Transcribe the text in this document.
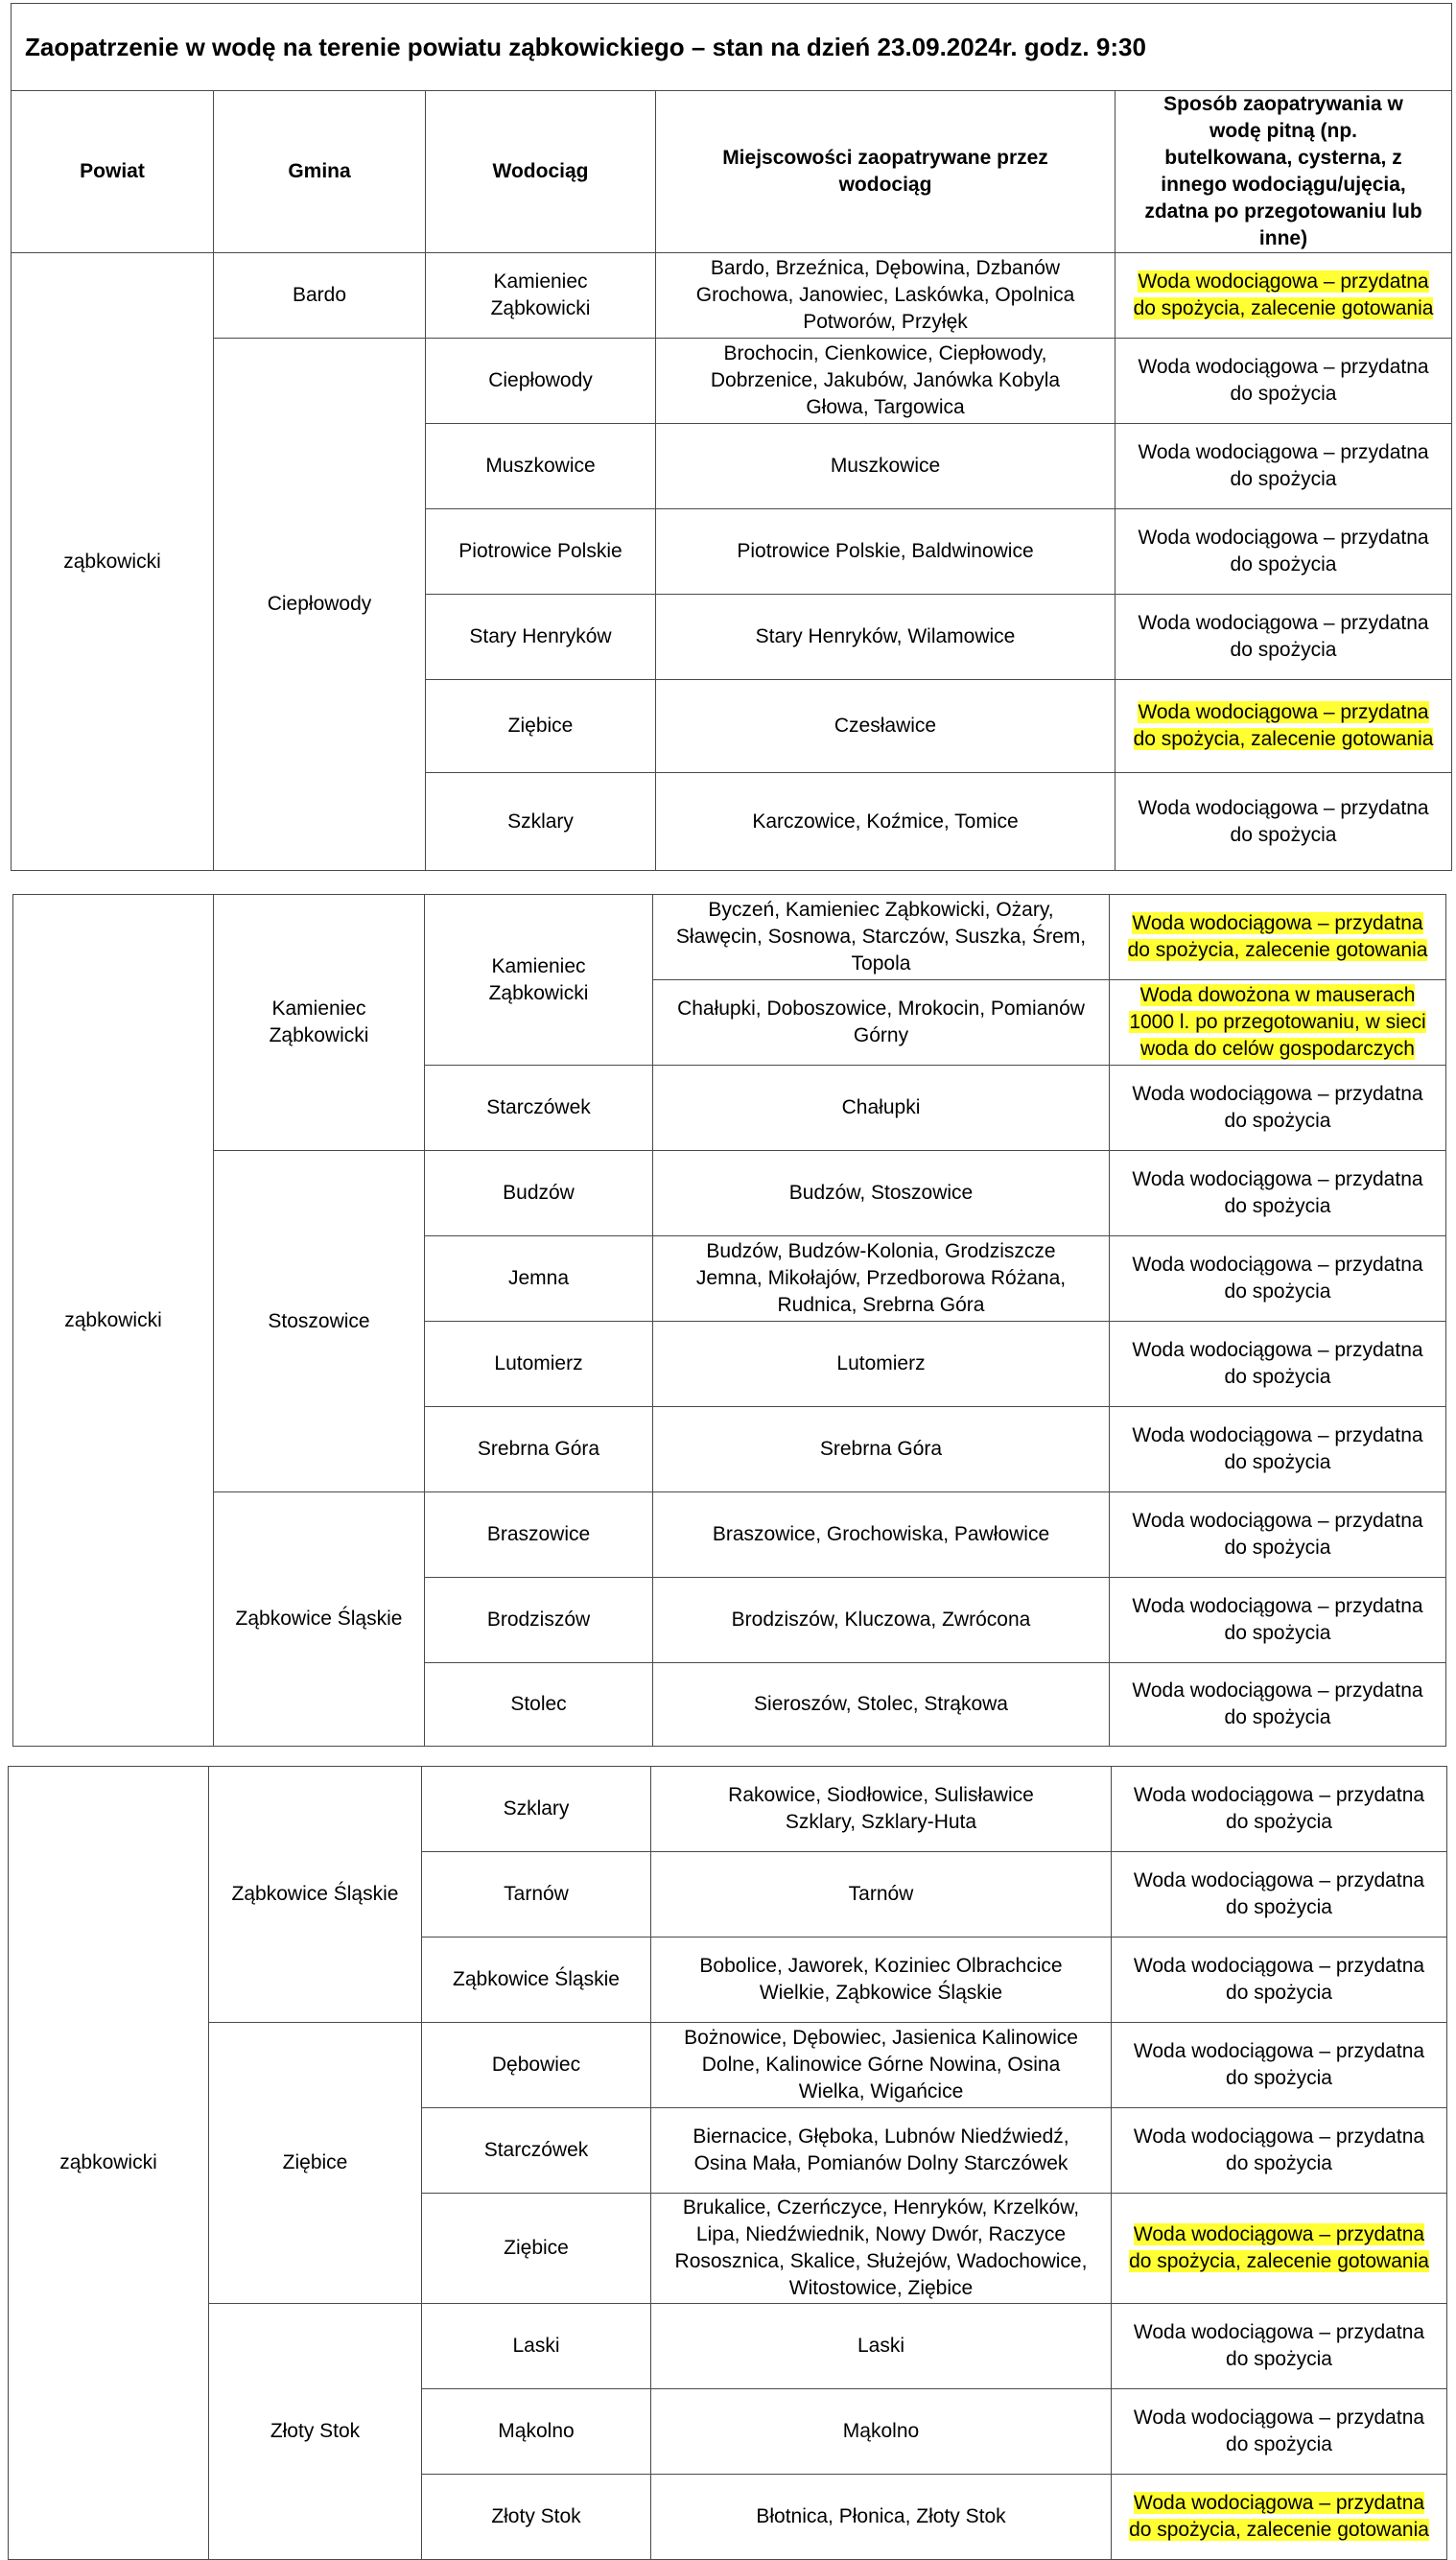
Zaopatrzenie w wodę na terenie powiatu ząbkowickiego – stan na dzień 23.09.2024r. godz. 9:30				
Powiat	Gmina	Wodociąg	Miejscowości zaopatrywane przez wodociąg	Sposób zaopatrywania w wodę pitną (np. butelkowana, cysterna, z innego wodociągu/ujęcia, zdatna po przegotowaniu lub inne)
ząbkowicki	Bardo	Kamieniec Ząbkowicki	Bardo, Brzeźnica, Dębowina, Dzbanów Grochowa, Janowiec, Laskówka, Opolnica Potworów, Przyłęk	Woda wodociągowa – przydatna do spożycia, zalecenie gotowania
	Ciepłowody	Ciepłowody	Brochocin, Cienkowice, Ciepłowody, Dobrzenice, Jakubów, Janówka Kobyla Głowa, Targowica	Woda wodociągowa – przydatna do spożycia
		Muszkowice	Muszkowice	Woda wodociągowa – przydatna do spożycia
		Piotrowice Polskie	Piotrowice Polskie, Baldwinowice	Woda wodociągowa – przydatna do spożycia
		Stary Henryków	Stary Henryków, Wilamowice	Woda wodociągowa – przydatna do spożycia
		Ziębice	Czesławice	Woda wodociągowa – przydatna do spożycia, zalecenie gotowania
		Szklary	Karczowice, Koźmice, Tomice	Woda wodociągowa – przydatna do spożycia
ząbkowicki	Kamieniec Ząbkowicki	Kamieniec Ząbkowicki	Byczeń, Kamieniec Ząbkowicki, Ożary, Sławęcin, Sosnowa, Starczów, Suszka, Śrem, Topola	Woda wodociągowa – przydatna do spożycia, zalecenie gotowania
			Chałupki, Doboszowice, Mrokocin, Pomianów Górny	Woda dowożona w mauserach 1000 l. po przegotowaniu, w sieci woda do celów gospodarczych
		Starczówek	Chałupki	Woda wodociągowa – przydatna do spożycia
	Stoszowice	Budzów	Budzów, Stoszowice	Woda wodociągowa – przydatna do spożycia
		Jemna	Budzów, Budzów-Kolonia, Grodziszcze Jemna, Mikołajów, Przedborowa Różana, Rudnica, Srebrna Góra	Woda wodociągowa – przydatna do spożycia
		Lutomierz	Lutomierz	Woda wodociągowa – przydatna do spożycia
		Srebrna Góra	Srebrna Góra	Woda wodociągowa – przydatna do spożycia
	Ząbkowice Śląskie	Braszowice	Braszowice, Grochowiska, Pawłowice	Woda wodociągowa – przydatna do spożycia
		Brodziszów	Brodziszów, Kluczowa, Zwrócona	Woda wodociągowa – przydatna do spożycia
		Stolec	Sieroszów, Stolec, Strąkowa	Woda wodociągowa – przydatna do spożycia
ząbkowicki	Ząbkowice Śląskie	Szklary	Rakowice, Siodłowice, Sulisławice Szklary, Szklary-Huta	Woda wodociągowa – przydatna do spożycia
		Tarnów	Tarnów	Woda wodociągowa – przydatna do spożycia
		Ząbkowice Śląskie	Bobolice, Jaworek, Koziniec Olbrachcice Wielkie, Ząbkowice Śląskie	Woda wodociągowa – przydatna do spożycia
	Ziębice	Dębowiec	Bożnowice, Dębowiec, Jasienica Kalinowice Dolne, Kalinowice Górne Nowina, Osina Wielka, Wigańcice	Woda wodociągowa – przydatna do spożycia
		Starczówek	Biernacice, Głęboka, Lubnów Niedźwiedź, Osina Mała, Pomianów Dolny Starczówek	Woda wodociągowa – przydatna do spożycia
		Ziębice	Brukalice, Czerńczyce, Henryków, Krzelków, Lipa, Niedźwiednik, Nowy Dwór, Raczyce Rososznica, Skalice, Służejów, Wadochowice, Witostowice, Ziębice	Woda wodociągowa – przydatna do spożycia, zalecenie gotowania
	Złoty Stok	Laski	Laski	Woda wodociągowa – przydatna do spożycia
		Mąkolno	Mąkolno	Woda wodociągowa – przydatna do spożycia
		Złoty Stok	Błotnica, Płonica, Złoty Stok	Woda wodociągowa – przydatna do spożycia, zalecenie gotowania
